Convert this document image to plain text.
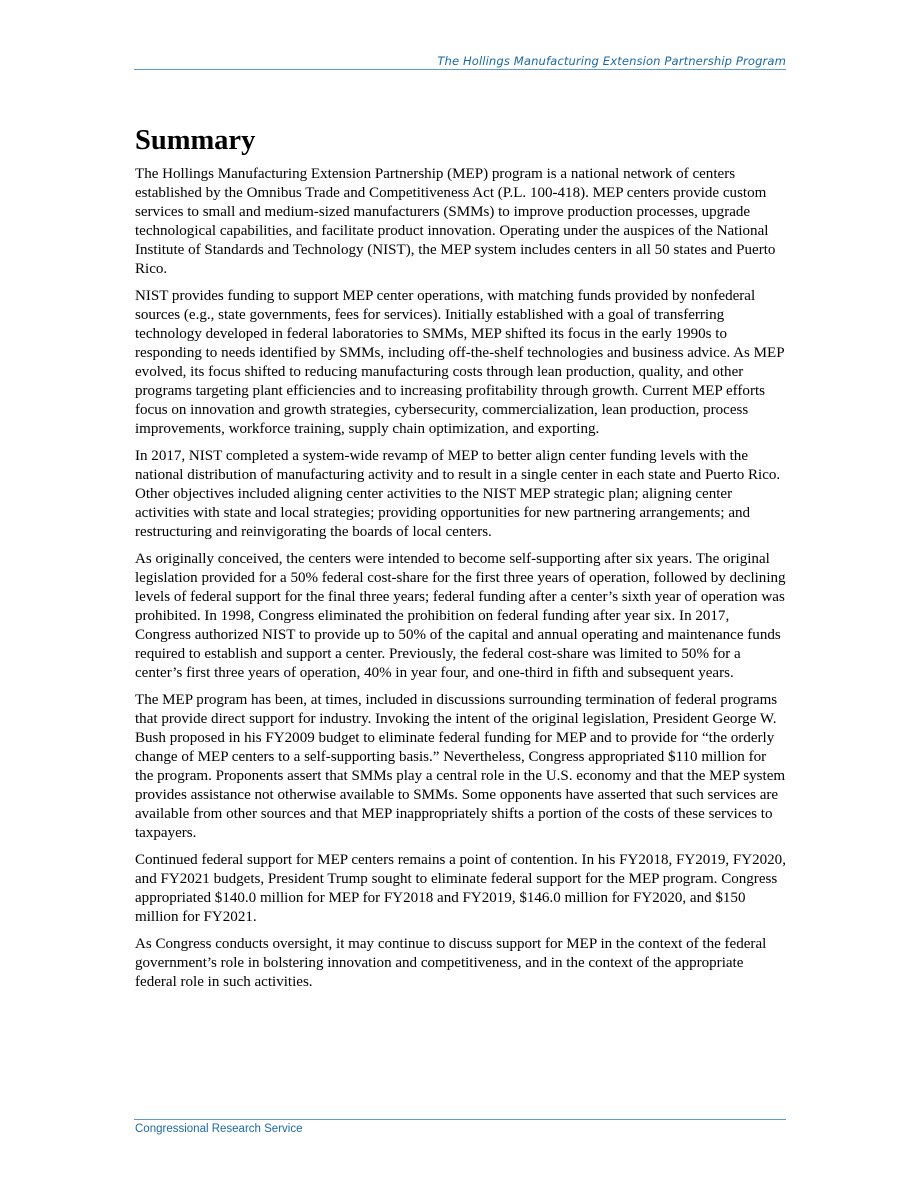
The Hollings Manufacturing Extension Partnership Program
Summary

The Hollings Manufacturing Extension Partnership (MEP) program is a national network of centers established by the Omnibus Trade and Competitiveness Act (P.L. 100-418). MEP centers provide custom services to small and medium-sized manufacturers (SMMs) to improve production processes, upgrade technological capabilities, and facilitate product innovation. Operating under the auspices of the National Institute of Standards and Technology (NIST), the MEP system includes centers in all 50 states and Puerto Rico.

NIST provides funding to support MEP center operations, with matching funds provided by nonfederal sources (e.g., state governments, fees for services). Initially established with a goal of transferring technology developed in federal laboratories to SMMs, MEP shifted its focus in the early 1990s to responding to needs identified by SMMs, including off-the-shelf technologies and business advice. As MEP evolved, its focus shifted to reducing manufacturing costs through lean production, quality, and other programs targeting plant efficiencies and to increasing profitability through growth. Current MEP efforts focus on innovation and growth strategies, cybersecurity, commercialization, lean production, process improvements, workforce training, supply chain optimization, and exporting.

In 2017, NIST completed a system-wide revamp of MEP to better align center funding levels with the national distribution of manufacturing activity and to result in a single center in each state and Puerto Rico. Other objectives included aligning center activities to the NIST MEP strategic plan; aligning center activities with state and local strategies; providing opportunities for new partnering arrangements; and restructuring and reinvigorating the boards of local centers.

As originally conceived, the centers were intended to become self-supporting after six years. The original legislation provided for a 50% federal cost-share for the first three years of operation, followed by declining levels of federal support for the final three years; federal funding after a center’s sixth year of operation was prohibited. In 1998, Congress eliminated the prohibition on federal funding after year six. In 2017, Congress authorized NIST to provide up to 50% of the capital and annual operating and maintenance funds required to establish and support a center. Previously, the federal cost-share was limited to 50% for a center’s first three years of operation, 40% in year four, and one-third in fifth and subsequent years.

The MEP program has been, at times, included in discussions surrounding termination of federal programs that provide direct support for industry. Invoking the intent of the original legislation, President George W. Bush proposed in his FY2009 budget to eliminate federal funding for MEP and to provide for “the orderly change of MEP centers to a self-supporting basis.” Nevertheless, Congress appropriated $110 million for the program. Proponents assert that SMMs play a central role in the U.S. economy and that the MEP system provides assistance not otherwise available to SMMs. Some opponents have asserted that such services are available from other sources and that MEP inappropriately shifts a portion of the costs of these services to taxpayers.

Continued federal support for MEP centers remains a point of contention. In his FY2018, FY2019, FY2020, and FY2021 budgets, President Trump sought to eliminate federal support for the MEP program. Congress appropriated $140.0 million for MEP for FY2018 and FY2019, $146.0 million for FY2020, and $150 million for FY2021.

As Congress conducts oversight, it may continue to discuss support for MEP in the context of the federal government’s role in bolstering innovation and competitiveness, and in the context of the appropriate federal role in such activities.

Congressional Research Service
